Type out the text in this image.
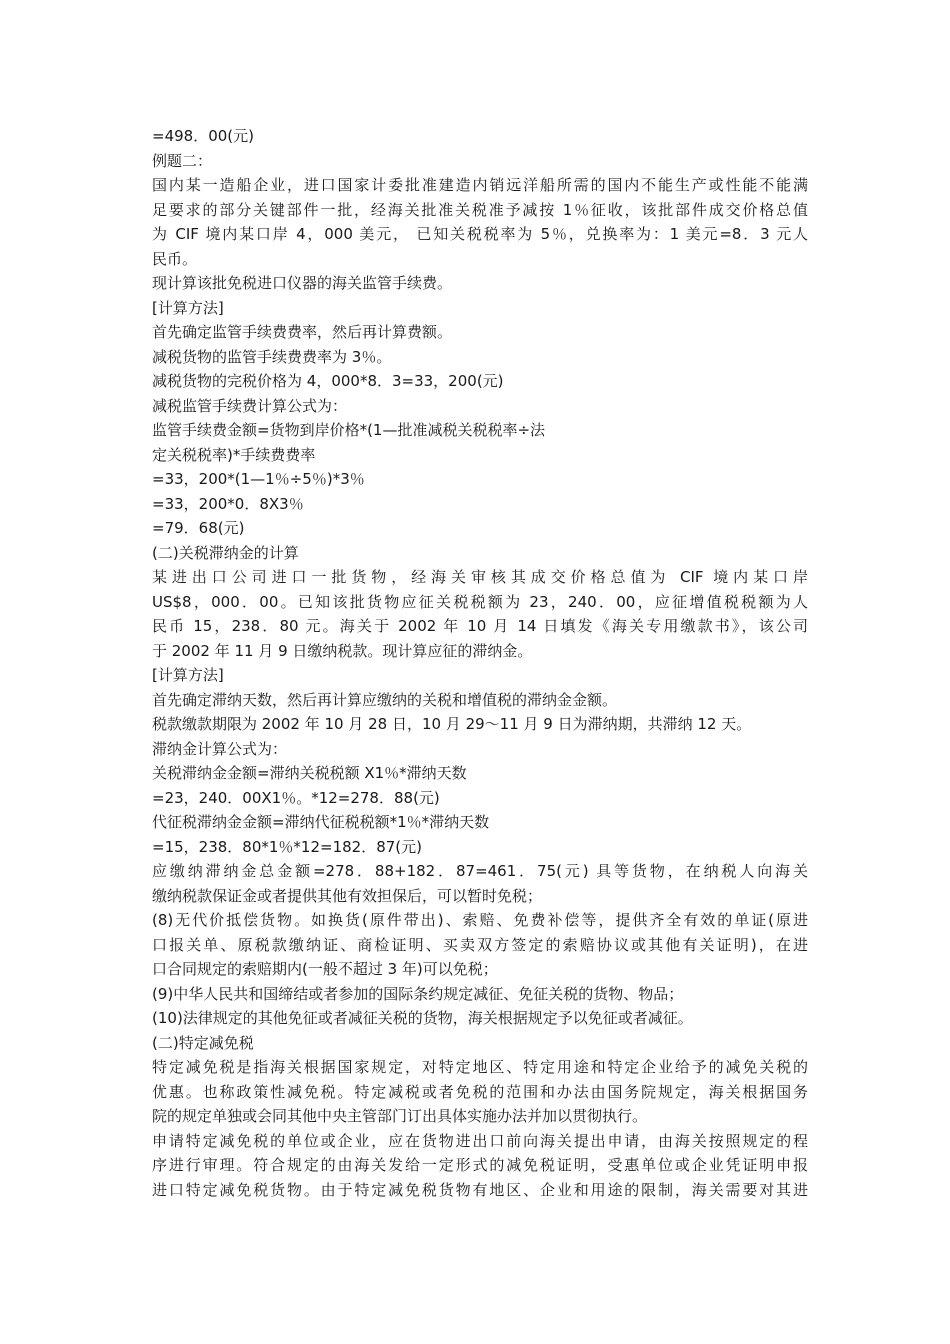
=498．00(元)
例题二：
国内某一造船企业，进口国家计委批准建造内销远洋船所需的国内不能生产或性能不能满
足要求的部分关键部件一批，经海关批准关税准予减按 1％征收，该批部件成交价格总值
为 CIF 境内某口岸 4，000 美元， 已知关税税率为 5％，兑换率为：1 美元=8．3 元人
民币。
现计算该批免税进口仪器的海关监管手续费。
[计算方法]
首先确定监管手续费费率，然后再计算费额。
减税货物的监管手续费费率为 3％。
减税货物的完税价格为 4，000*8．3=33，200(元)
减税监管手续费计算公式为：
监管手续费金额=货物到岸价格*(1—批准减税关税税率÷法
定关税税率)*手续费费率
=33，200*(1—1％÷5％)*3％
=33，200*0．8X3％
=79．68(元)
(二)关税滞纳金的计算
某进出口公司进口一批货物，经海关审核其成交价格总值为 CIF 境内某口岸
US$8，000．00。已知该批货物应征关税税额为 23，240．00，应征增值税税额为人
民币 15，238．80 元。海关于 2002 年 10 月 14 日填发《海关专用缴款书》，该公司
于 2002 年 11 月 9 日缴纳税款。现计算应征的滞纳金。
[计算方法]
首先确定滞纳天数，然后再计算应缴纳的关税和增值税的滞纳金金额。
税款缴款期限为 2002 年 10 月 28 日，10 月 29～11 月 9 日为滞纳期，共滞纳 12 天。
滞纳金计算公式为：
关税滞纳金金额=滞纳关税税额 X1％*滞纳天数
=23，240．00X1％。*12=278．88(元)
代征税滞纳金金额=滞纳代征税税额*1％*滞纳天数
=15，238．80*1％*12=182．87(元)
应缴纳滞纳金总金额=278．88+182．87=461．75(元) 具等货物，在纳税人向海关
缴纳税款保证金或者提供其他有效担保后，可以暂时免税；
(8)无代价抵偿货物。如换货(原件带出)、索赔、免费补偿等，提供齐全有效的单证(原进
口报关单、原税款缴纳证、商检证明、买卖双方签定的索赔协议或其他有关证明)，在进
口合同规定的索赔期内(一般不超过 3 年)可以免税；
(9)中华人民共和国缔结或者参加的国际条约规定减征、免征关税的货物、物品；
(10)法律规定的其他免征或者减征关税的货物，海关根据规定予以免征或者减征。
(二)特定减免税
特定减免税是指海关根据国家规定，对特定地区、特定用途和特定企业给予的减免关税的
优惠。也称政策性减免税。特定减税或者免税的范围和办法由国务院规定，海关根据国务
院的规定单独或会同其他中央主管部门订出具体实施办法并加以贯彻执行。
申请特定减免税的单位或企业，应在货物进出口前向海关提出申请，由海关按照规定的程
序进行审理。符合规定的由海关发给一定形式的减免税证明，受惠单位或企业凭证明申报
进口特定减免税货物。由于特定减免税货物有地区、企业和用途的限制，海关需要对其进
